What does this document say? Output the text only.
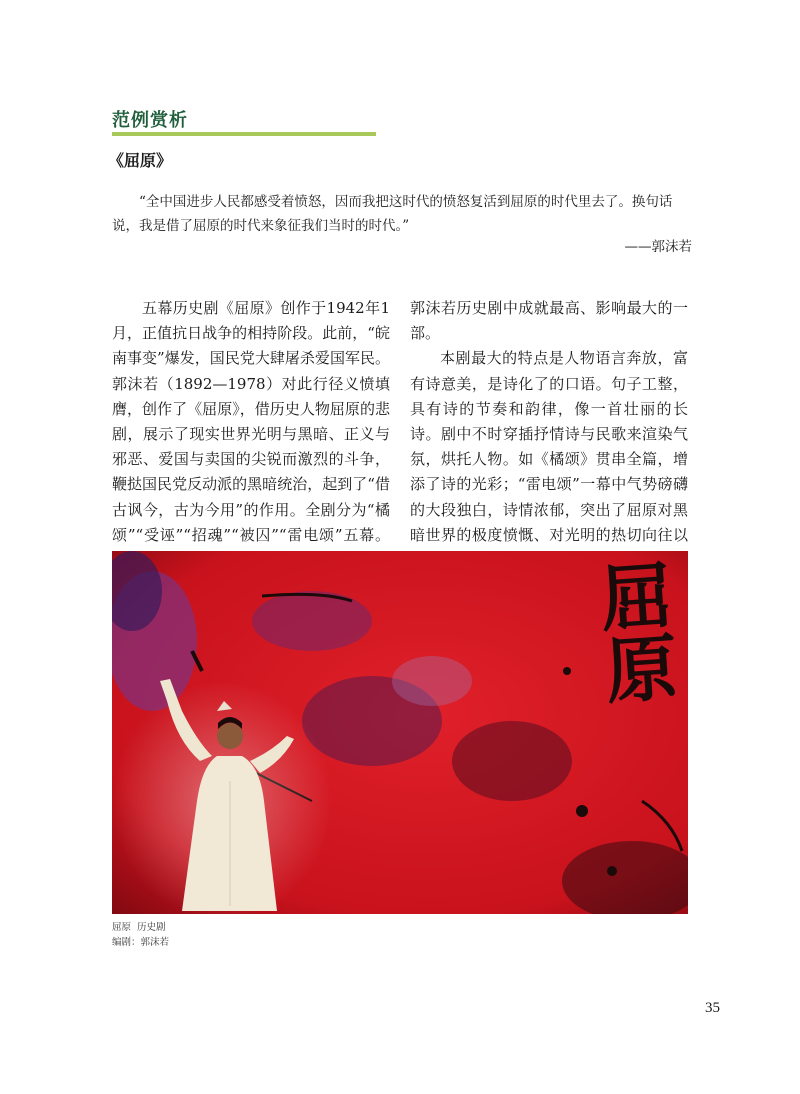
范例赏析
《屈原》
“全中国进步人民都感受着愤怒，因而我把这时代的愤怒复活到屈原的时代里去了。换句话说，我是借了屈原的时代来象征我们当时的时代。”
——郭沫若

五幕历史剧《屈原》创作于1942年1月，正值抗日战争的相持阶段。此前，“皖南事变”爆发，国民党大肆屠杀爱国军民。郭沫若（1892—1978）对此行径义愤填膺，创作了《屈原》，借历史人物屈原的悲剧，展示了现实世界光明与黑暗、正义与邪恶、爱国与卖国的尖锐而激烈的斗争，鞭挞国民党反动派的黑暗统治，起到了“借古讽今，古为今用”的作用。全剧分为“橘颂”“受诬”“招魂”“被囚”“雷电颂”五幕。

郭沫若历史剧中成就最高、影响最大的一部。

本剧最大的特点是人物语言奔放，富有诗意美，是诗化了的口语。句子工整，具有诗的节奏和韵律，像一首壮丽的长诗。剧中不时穿插抒情诗与民歌来渲染气氛，烘托人物。如《橘颂》贯串全篇，增添了诗的光彩；“雷电颂”一幕中气势磅礴的大段独白，诗情浓郁，突出了屈原对黑暗世界的极度愤慨、对光明的热切向往以

屈原
屈原  历史剧
编剧：郭沫若
35
